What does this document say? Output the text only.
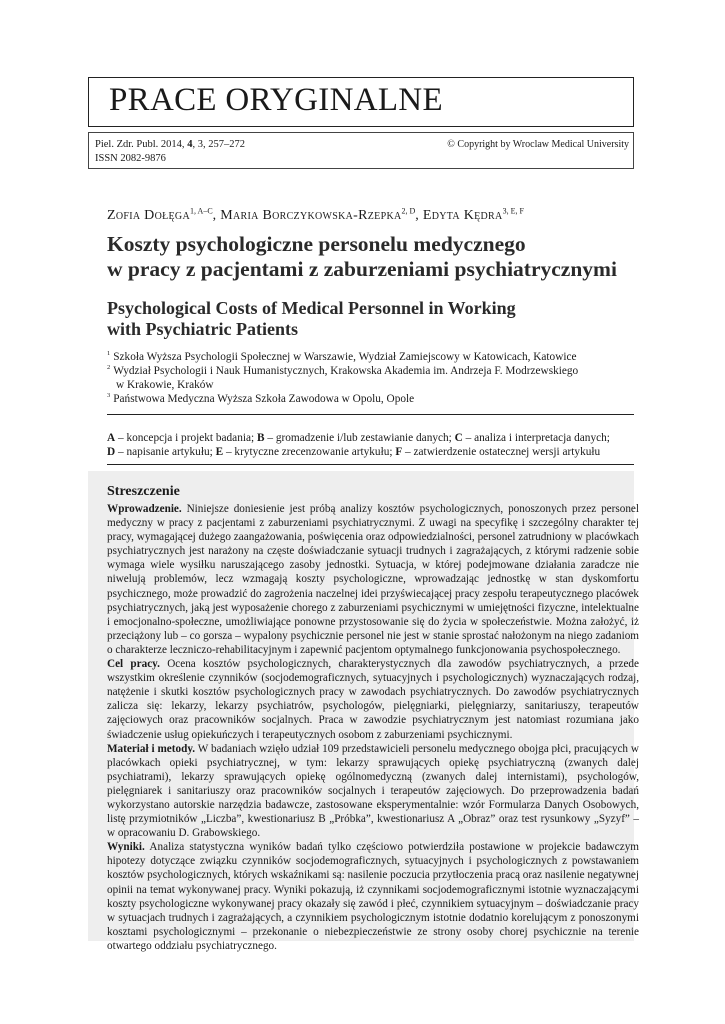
PRACE ORYGINALNE
Piel. Zdr. Publ. 2014, 4, 3, 257–272
ISSN 2082-9876
© Copyright by Wroclaw Medical University
Zofia Dołęga$^{1, A-C}$, Maria Borczykowska-Rzepka$^{2, D}$, Edyta Kędra$^{3, E, F}$
Koszty psychologiczne personelu medycznego
w pracy z pacjentami z zaburzeniami psychiatrycznymi
Psychological Costs of Medical Personnel in Working
with Psychiatric Patients
$^1$ Szkoła Wyższa Psychologii Społecznej w Warszawie, Wydział Zamiejscowy w Katowicach, Katowice
$^2$ Wydział Psychologii i Nauk Humanistycznych, Krakowska Akademia im. Andrzeja F. Modrzewskiego
w Krakowie, Kraków
$^3$ Państwowa Medyczna Wyższa Szkoła Zawodowa w Opolu, Opole
A – koncepcja i projekt badania; B – gromadzenie i/lub zestawianie danych; C – analiza i interpretacja danych;
D – napisanie artykułu; E – krytyczne zrecenzowanie artykułu; F – zatwierdzenie ostatecznej wersji artykułu
Streszczenie

Wprowadzenie. Niniejsze doniesienie jest próbą analizy kosztów psychologicznych, ponoszonych przez personel medyczny w pracy z pacjentami z zaburzeniami psychiatrycznymi. Z uwagi na specyfikę i szczególny charakter tej pracy, wymagającej dużego zaangażowania, poświęcenia oraz odpowiedzialności, personel zatrudniony w placówkach psychiatrycznych jest narażony na częste doświadczanie sytuacji trudnych i zagrażających, z którymi radzenie sobie wymaga wiele wysiłku naruszającego zasoby jednostki. Sytuacja, w której podejmowane działania zaradcze nie niwelują problemów, lecz wzmagają koszty psychologiczne, wprowadzając jednostkę w stan dyskomfortu psychicznego, może prowadzić do zagrożenia naczelnej idei przyświecającej pracy zespołu terapeutycznego placówek psychiatrycznych, jaką jest wyposażenie chorego z zaburzeniami psychicznymi w umiejętności fizyczne, intelektualne i emocjonalno-społeczne, umożliwiające ponowne przystosowanie się do życia w społeczeństwie. Można założyć, iż przeciążony lub – co gorsza – wypalony psychicznie personel nie jest w stanie sprostać nałożonym na niego zadaniom o charakterze leczniczo-rehabilitacyjnym i zapewnić pacjentom optymalnego funkcjonowania psychospołecznego.

Cel pracy. Ocena kosztów psychologicznych, charakterystycznych dla zawodów psychiatrycznych, a przede wszystkim określenie czynników (socjodemograficznych, sytuacyjnych i psychologicznych) wyznaczających rodzaj, natężenie i skutki kosztów psychologicznych pracy w zawodach psychiatrycznych. Do zawodów psychiatrycznych zalicza się: lekarzy, lekarzy psychiatrów, psychologów, pielęgniarki, pielęgniarzy, sanitariuszy, terapeutów zajęciowych oraz pracowników socjalnych. Praca w zawodzie psychiatrycznym jest natomiast rozumiana jako świadczenie usług opiekuńczych i terapeutycznych osobom z zaburzeniami psychicznymi.

Materiał i metody. W badaniach wzięło udział 109 przedstawicieli personelu medycznego obojga płci, pracujących w placówkach opieki psychiatrycznej, w tym: lekarzy sprawujących opiekę psychiatryczną (zwanych dalej psychiatrami), lekarzy sprawujących opiekę ogólnomedyczną (zwanych dalej internistami), psychologów, pielęgniarek i sanitariuszy oraz pracowników socjalnych i terapeutów zajęciowych. Do przeprowadzenia badań wykorzystano autorskie narzędzia badawcze, zastosowane eksperymentalnie: wzór Formularza Danych Osobowych, listę przymiotników „Liczba”, kwestionariusz B „Próbka”, kwestionariusz A „Obraz” oraz test rysunkowy „Syzyf” – w opracowaniu D. Grabowskiego.

Wyniki. Analiza statystyczna wyników badań tylko częściowo potwierdziła postawione w projekcie badawczym hipotezy dotyczące związku czynników socjodemograficznych, sytuacyjnych i psychologicznych z powstawaniem kosztów psychologicznych, których wskaźnikami są: nasilenie poczucia przytłoczenia pracą oraz nasilenie negatywnej opinii na temat wykonywanej pracy. Wyniki pokazują, iż czynnikami socjodemograficznymi istotnie wyznaczającymi koszty psychologiczne wykonywanej pracy okazały się zawód i płeć, czynnikiem sytuacyjnym – doświadczanie pracy w sytuacjach trudnych i zagrażających, a czynnikiem psychologicznym istotnie dodatnio korelującym z ponoszonymi kosztami psychologicznymi – przekonanie o niebezpieczeństwie ze strony osoby chorej psychicznie na terenie otwartego oddziału psychiatrycznego.
